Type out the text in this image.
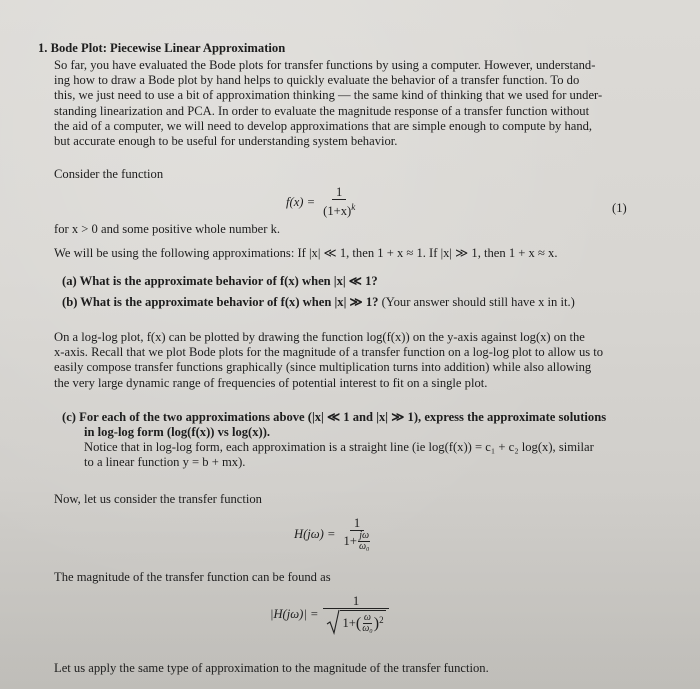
1. Bode Plot: Piecewise Linear Approximation
So far, you have evaluated the Bode plots for transfer functions by using a computer. However, understand-
ing how to draw a Bode plot by hand helps to quickly evaluate the behavior of a transfer function. To do
this, we just need to use a bit of approximation thinking — the same kind of thinking that we used for under-
standing linearization and PCA. In order to evaluate the magnitude response of a transfer function without
the aid of a computer, we will need to develop approximations that are simple enough to compute by hand,
but accurate enough to be useful for understanding system behavior.
Consider the function
$f(x) = \frac{1}{(1+x)^k}$	(1)
for x > 0 and some positive whole number k.
We will be using the following approximations: If |x| ≪ 1, then 1 + x ≈ 1. If |x| ≫ 1, then 1 + x ≈ x.
(a) What is the approximate behavior of f(x) when |x| ≪ 1?
(b) What is the approximate behavior of f(x) when |x| ≫ 1? (Your answer should still have x in it.)
On a log-log plot, f(x) can be plotted by drawing the function log(f(x)) on the y-axis against log(x) on the
x-axis. Recall that we plot Bode plots for the magnitude of a transfer function on a log-log plot to allow us to
easily compose transfer functions graphically (since multiplication turns into addition) while also allowing
the very large dynamic range of frequencies of potential interest to fit on a single plot.
(c) For each of the two approximations above (|x| ≪ 1 and |x| ≫ 1), express the approximate solutions
in log-log form (log(f(x)) vs log(x)).
Notice that in log-log form, each approximation is a straight line (ie log(f(x)) = c₁ + c₂ log(x), similar
to a linear function y = b + mx).
Now, let us consider the transfer function
$H(j\omega) = \frac{1}{1+ \frac{j\omega}{\text{ω₀}}}$
The magnitude of the transfer function can be found as
|H(jω)| =
1
1+ ( $\frac{\omega}{\text{ω₀}}$ ) 2
Let us apply the same type of approximation to the magnitude of the transfer function.
